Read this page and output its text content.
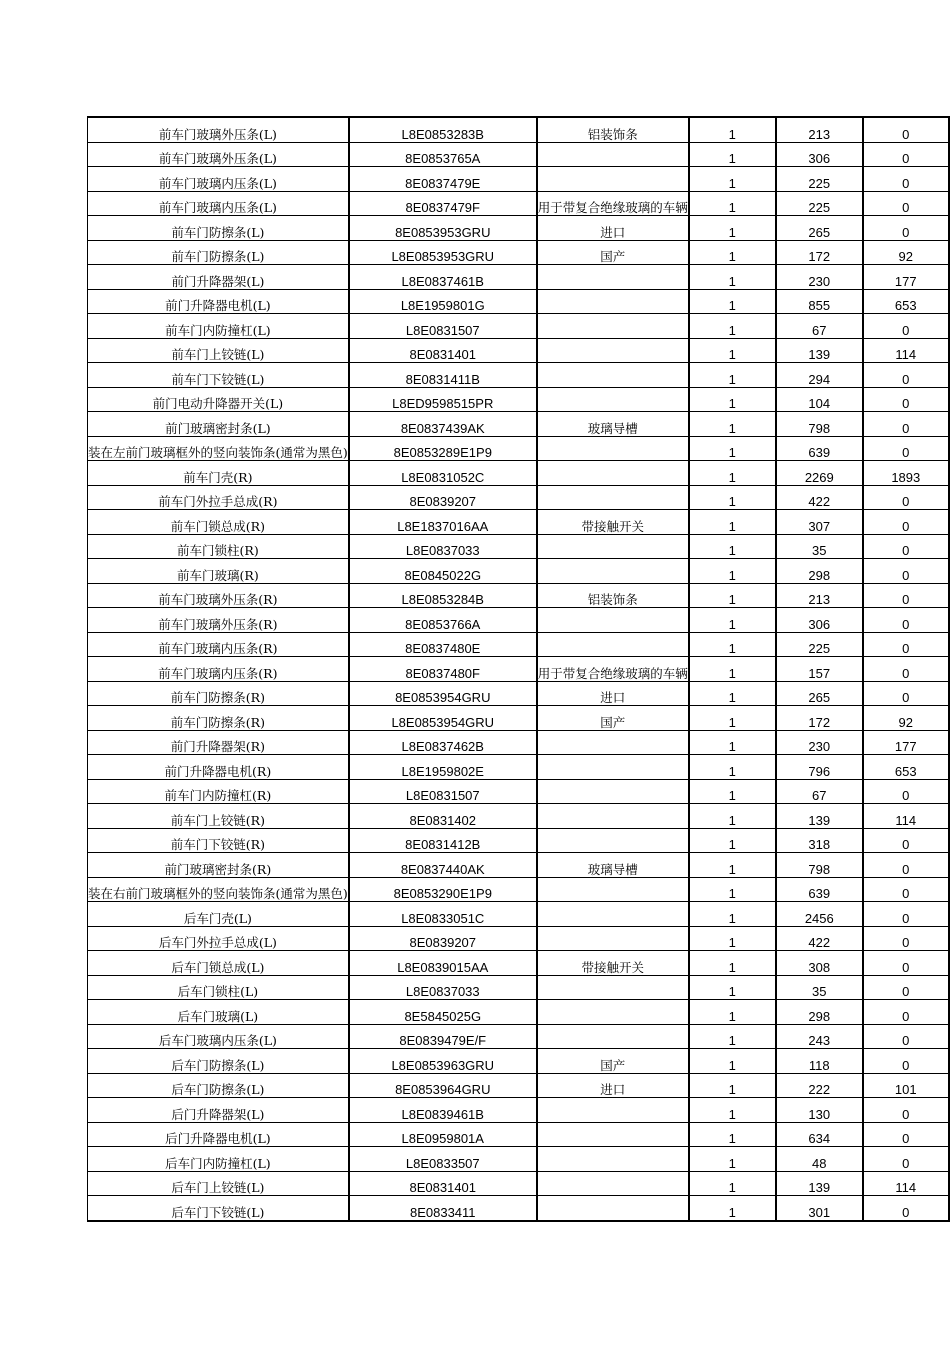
前车门玻璃外压条(L)	L8E0853283B	铝装饰条	1	213	0
前车门玻璃外压条(L)	8E0853765A		1	306	0
前车门玻璃内压条(L)	8E0837479E		1	225	0
前车门玻璃内压条(L)	8E0837479F	用于带复合绝缘玻璃的车辆	1	225	0
前车门防擦条(L)	8E0853953GRU	进口	1	265	0
前车门防擦条(L)	L8E0853953GRU	国产	1	172	92
前门升降器架(L)	L8E0837461B		1	230	177
前门升降器电机(L)	L8E1959801G		1	855	653
前车门内防撞杠(L)	L8E0831507		1	67	0
前车门上铰链(L)	8E0831401		1	139	114
前车门下铰链(L)	8E0831411B		1	294	0
前门电动升降器开关(L)	L8ED9598515PR		1	104	0
前门玻璃密封条(L)	8E0837439AK	玻璃导槽	1	798	0
装在左前门玻璃框外的竖向装饰条(通常为黑色)	8E0853289E1P9		1	639	0
前车门壳(R)	L8E0831052C		1	2269	1893
前车门外拉手总成(R)	8E0839207		1	422	0
前车门锁总成(R)	L8E1837016AA	带接触开关	1	307	0
前车门锁柱(R)	L8E0837033		1	35	0
前车门玻璃(R)	8E0845022G		1	298	0
前车门玻璃外压条(R)	L8E0853284B	铝装饰条	1	213	0
前车门玻璃外压条(R)	8E0853766A		1	306	0
前车门玻璃内压条(R)	8E0837480E		1	225	0
前车门玻璃内压条(R)	8E0837480F	用于带复合绝缘玻璃的车辆	1	157	0
前车门防擦条(R)	8E0853954GRU	进口	1	265	0
前车门防擦条(R)	L8E0853954GRU	国产	1	172	92
前门升降器架(R)	L8E0837462B		1	230	177
前门升降器电机(R)	L8E1959802E		1	796	653
前车门内防撞杠(R)	L8E0831507		1	67	0
前车门上铰链(R)	8E0831402		1	139	114
前车门下铰链(R)	8E0831412B		1	318	0
前门玻璃密封条(R)	8E0837440AK	玻璃导槽	1	798	0
装在右前门玻璃框外的竖向装饰条(通常为黑色)	8E0853290E1P9		1	639	0
后车门壳(L)	L8E0833051C		1	2456	0
后车门外拉手总成(L)	8E0839207		1	422	0
后车门锁总成(L)	L8E0839015AA	带接触开关	1	308	0
后车门锁柱(L)	L8E0837033		1	35	0
后车门玻璃(L)	8E5845025G		1	298	0
后车门玻璃内压条(L)	8E0839479E/F		1	243	0
后车门防擦条(L)	L8E0853963GRU	国产	1	118	0
后车门防擦条(L)	8E0853964GRU	进口	1	222	101
后门升降器架(L)	L8E0839461B		1	130	0
后门升降器电机(L)	L8E0959801A		1	634	0
后车门内防撞杠(L)	L8E0833507		1	48	0
后车门上铰链(L)	8E0831401		1	139	114
后车门下铰链(L)	8E0833411		1	301	0
